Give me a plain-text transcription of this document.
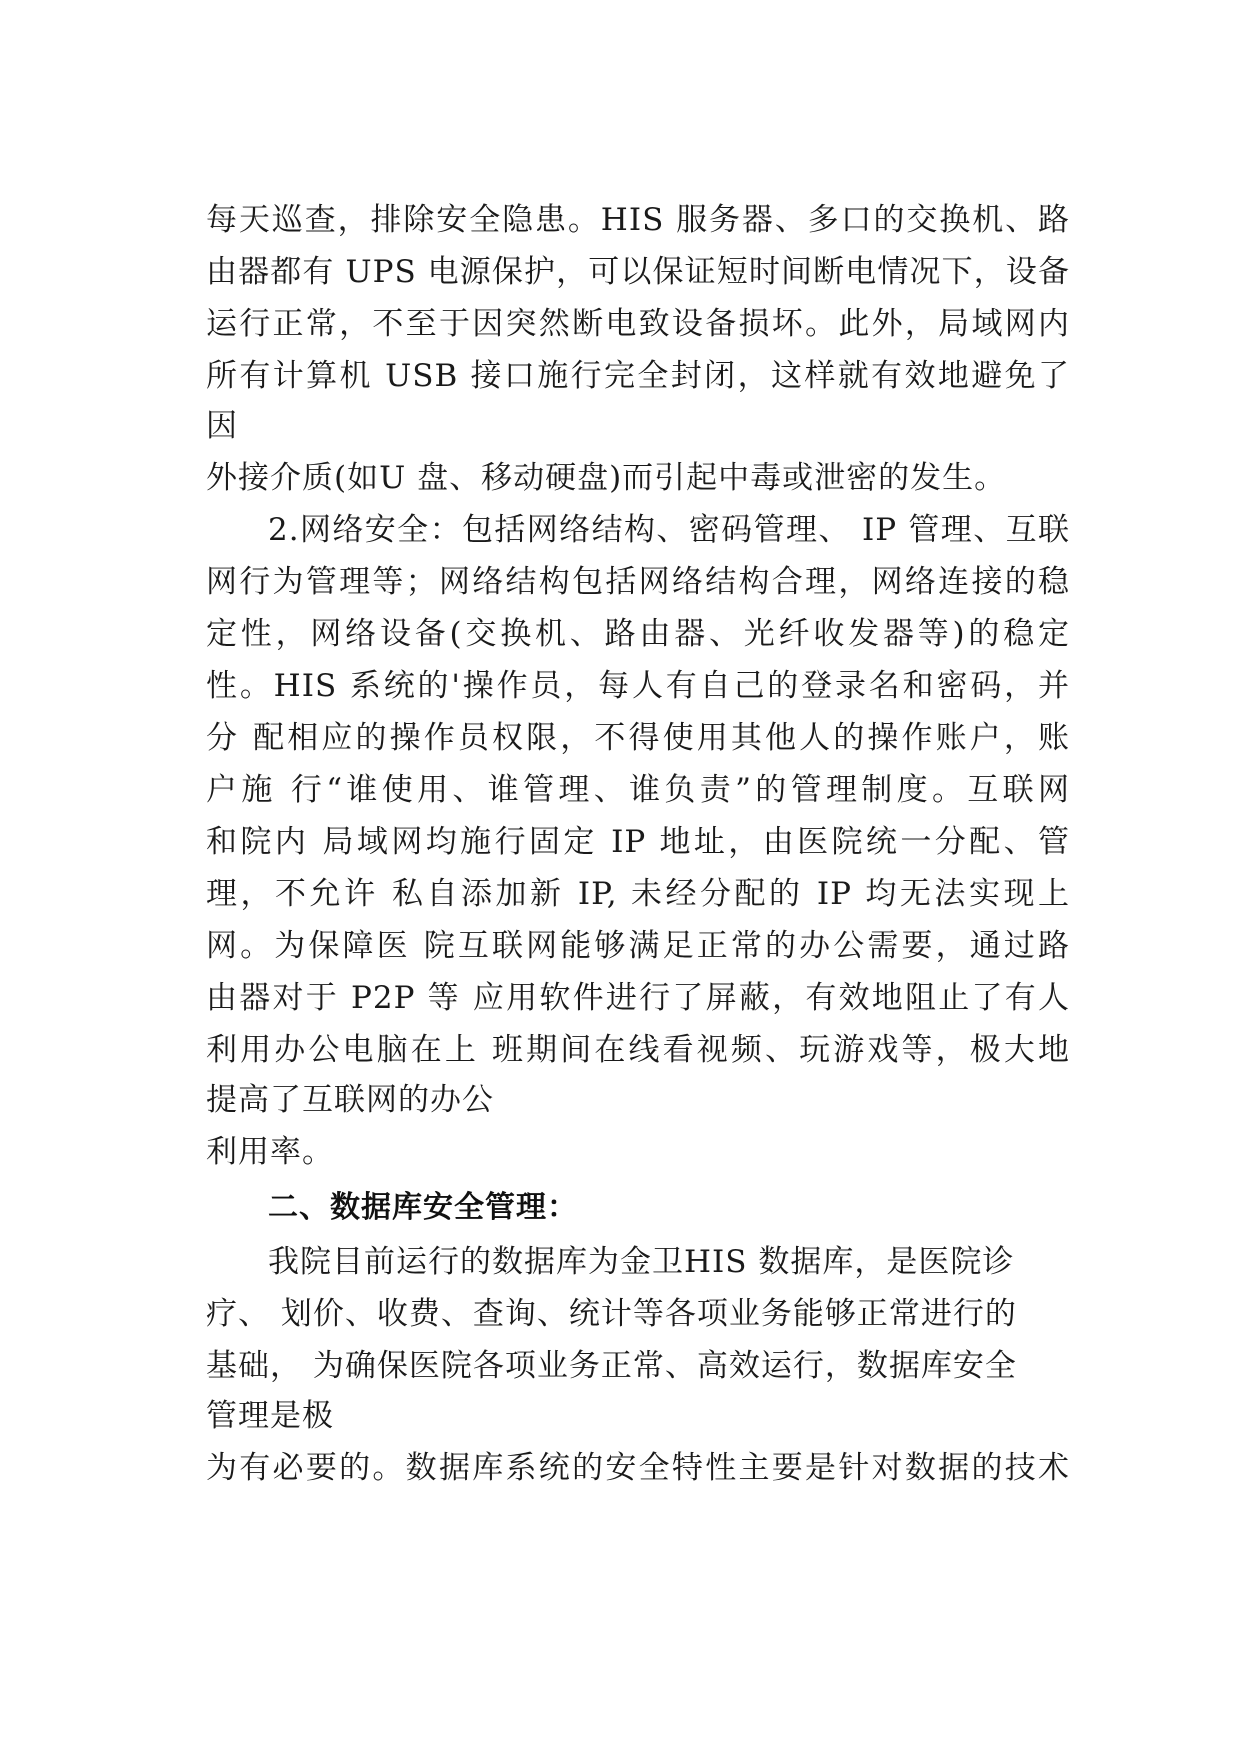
每天巡查，排除安全隐患。HIS 服务器、多口的交换机、路
由器都有 UPS 电源保护，可以保证短时间断电情况下，设备
运行正常，不至于因突然断电致设备损坏。此外，局域网内
所有计算机 USB 接口施行完全封闭，这样就有效地避免了
因
外接介质(如U 盘、移动硬盘)而引起中毒或泄密的发生。
2.网络安全：包括网络结构、密码管理、 IP 管理、互联
网行为管理等；网络结构包括网络结构合理，网络连接的稳
定性，网络设备(交换机、路由器、光纤收发器等)的稳定
性。HIS 系统的'操作员，每人有自己的登录名和密码，并
分 配相应的操作员权限，不得使用其他人的操作账户，账
户施 行“谁使用、谁管理、谁负责”的管理制度。互联网
和院内 局域网均施行固定 IP 地址，由医院统一分配、管
理，不允许 私自添加新 IP, 未经分配的 IP 均无法实现上
网。为保障医 院互联网能够满足正常的办公需要，通过路
由器对于 P2P 等 应用软件进行了屏蔽，有效地阻止了有人
利用办公电脑在上 班期间在线看视频、玩游戏等，极大地
提高了互联网的办公
利用率。
二、数据库安全管理：
我院目前运行的数据库为金卫HIS 数据库，是医院诊
疗、 划价、收费、查询、统计等各项业务能够正常进行的
基础， 为确保医院各项业务正常、高效运行，数据库安全
管理是极
为有必要的。数据库系统的安全特性主要是针对数据的技术
